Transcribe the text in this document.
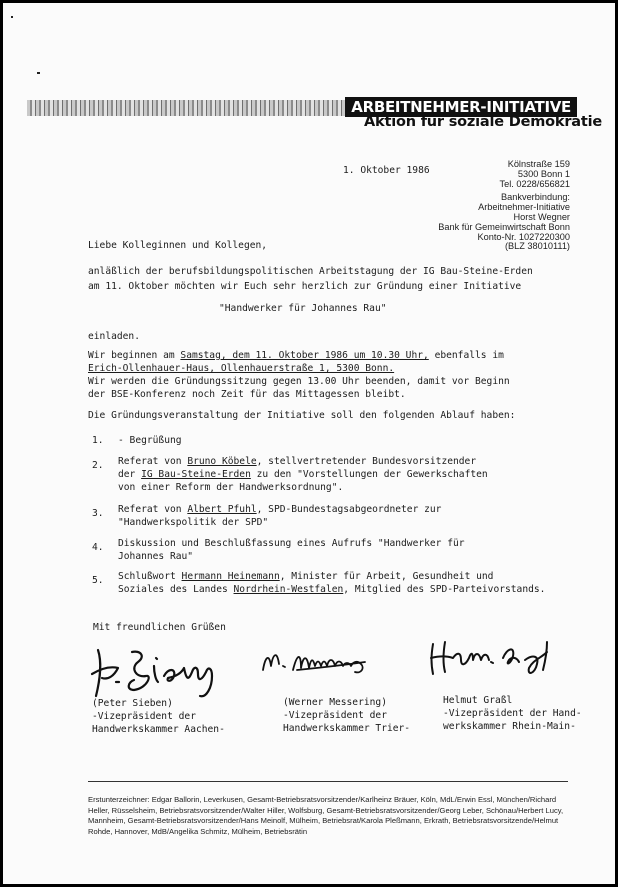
ARBEITNEHMER-INITIATIVE
Aktion für soziale Demokratie
1. Oktober 1986
Kölnstraße 159
5300 Bonn 1
Tel. 0228/656821
Bankverbindung:
Arbeitnehmer-Initiative
Horst Wegner
Bank für Gemeinwirtschaft Bonn
Konto-Nr. 1027220300
(BLZ 38010111)
Liebe Kolleginnen und Kollegen,
anläßlich der berufsbildungspolitischen Arbeitstagung der IG Bau-Steine-Erden
am 11. Oktober möchten wir Euch sehr herzlich zur Gründung einer Initiative
"Handwerker für Johannes Rau"
einladen.
Wir beginnen am Samstag, dem 11. Oktober 1986 um 10.30 Uhr, ebenfalls im
Erich-Ollenhauer-Haus, Ollenhauerstraße 1, 5300 Bonn.
Wir werden die Gründungssitzung gegen 13.00 Uhr beenden, damit vor Beginn
der BSE-Konferenz noch Zeit für das Mittagessen bleibt.
Die Gründungsveranstaltung der Initiative soll den folgenden Ablauf haben:
1. - Begrüßung
2. Referat von Bruno Köbele, stellvertretender Bundesvorsitzender
der IG Bau-Steine-Erden zu den "Vorstellungen der Gewerkschaften
von einer Reform der Handwerksordnung".
3. Referat von Albert Pfuhl, SPD-Bundestagsabgeordneter zur
"Handwerkspolitik der SPD"
4. Diskussion und Beschlußfassung eines Aufrufs "Handwerker für
Johannes Rau"
5. Schlußwort Hermann Heinemann, Minister für Arbeit, Gesundheit und
Soziales des Landes Nordrhein-Westfalen, Mitglied des SPD-Parteivorstands.
Mit freundlichen Grüßen
(Peter Sieben)
-Vizepräsident der
Handwerkskammer Aachen-
(Werner Messering)
-Vizepräsident der
Handwerkskammer Trier-
Helmut Graßl
-Vizepräsident der Hand-
werkskammer Rhein-Main-
Erstunterzeichner: Edgar Ballorin, Leverkusen, Gesamt-Betriebsratsvorsitzender/Karlheinz Bräuer, Köln, MdL/Erwin Essl, München/Richard Heller, Rüsselsheim, Betriebsratsvorsitzender/Walter Hiller, Wolfsburg, Gesamt-Betriebsratsvorsitzender/Georg Leber, Schönau/Herbert Lucy, Mannheim, Gesamt-Betriebsratsvorsitzender/Hans Meinolf, Mülheim, Betriebsrat/Karola Pleßmann, Erkrath, Betriebsratsvorsitzende/Helmut Rohde, Hannover, MdB/Angelika Schmitz, Mülheim, Betriebsrätin
